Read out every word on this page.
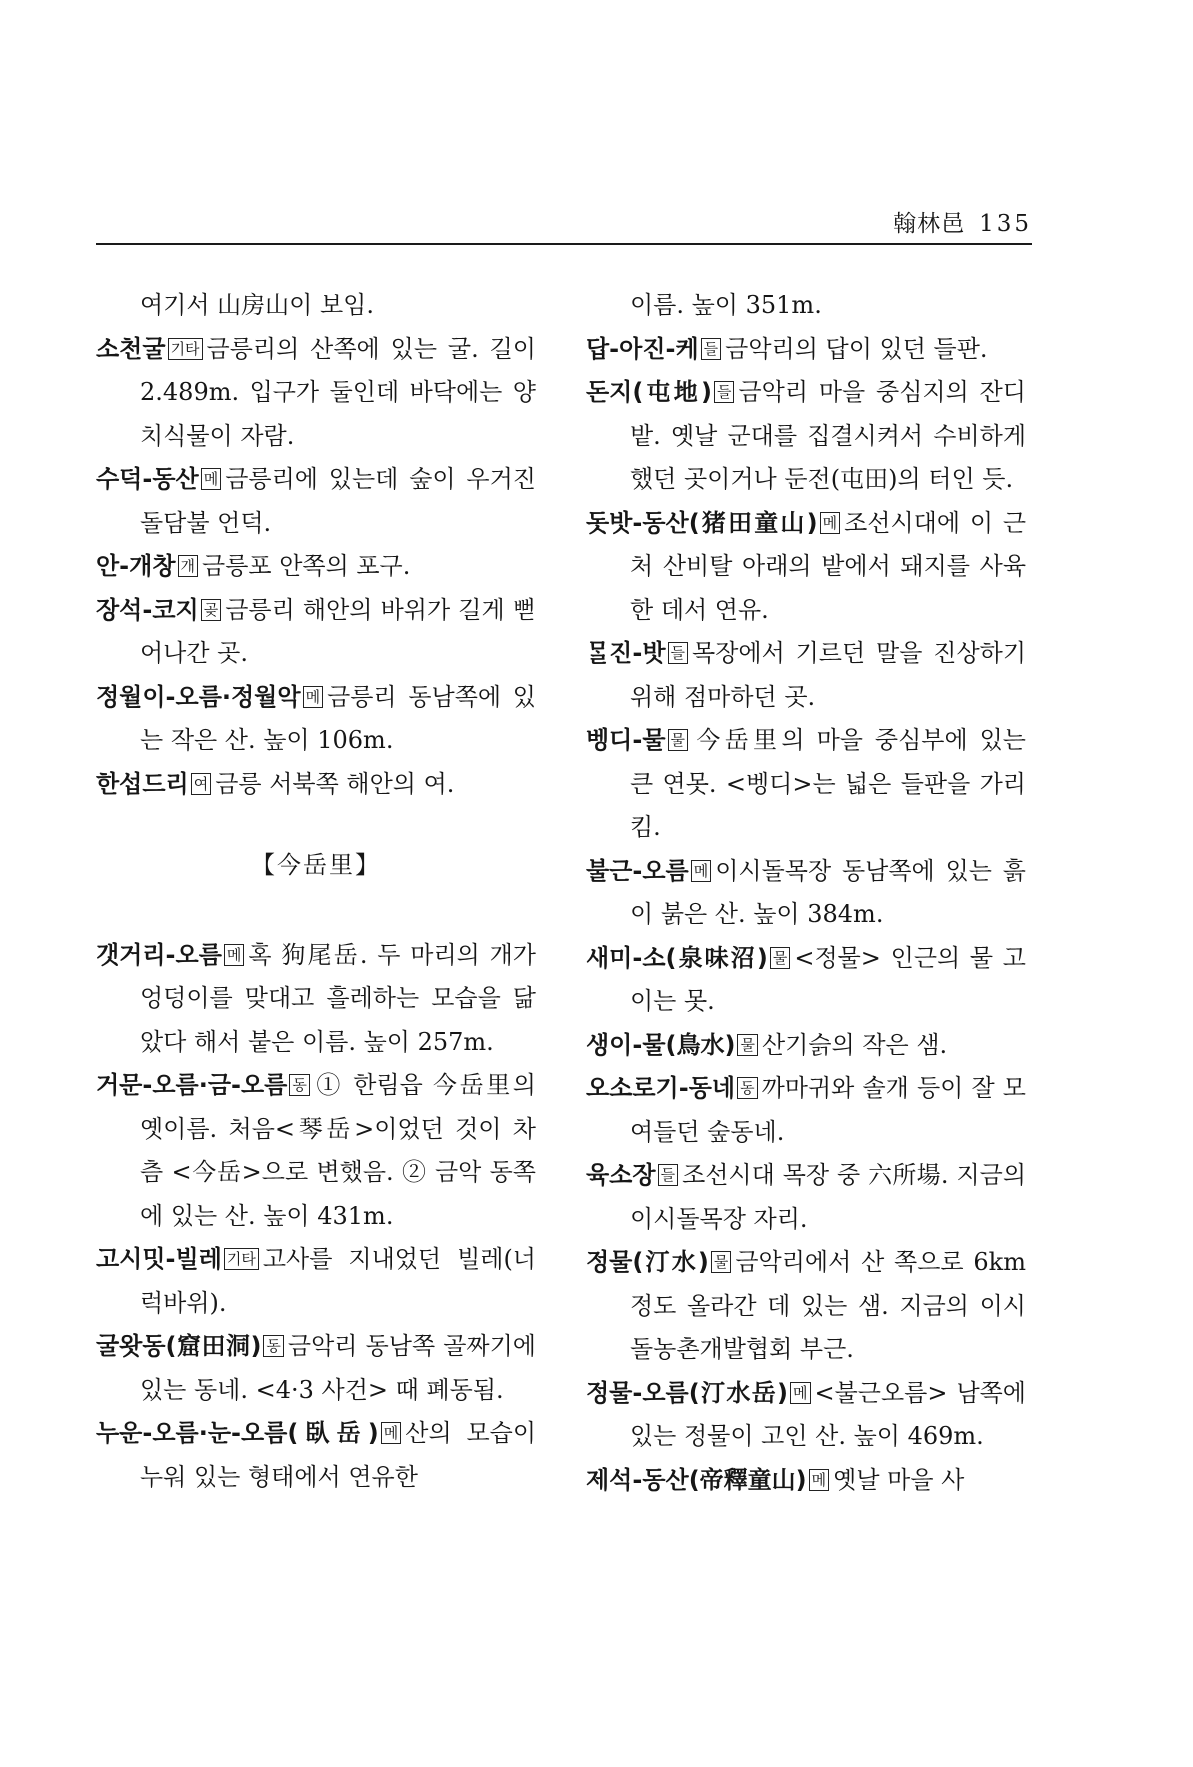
翰林邑 135

여기서 山房山이 보임.

소천굴 기타 금릉리의 산쪽에 있는 굴. 길이 2.489m. 입구가 둘인데 바닥에는 양치식물이 자람.

수덕-동산 메 금릉리에 있는데 숲이 우거진 돌담불 언덕.

안-개창 개 금릉포 안쪽의 포구.

장석-코지 곶 금릉리 해안의 바위가 길게 뻗어나간 곳.

정월이-오름·정월악 메 금릉리 동남쪽에 있는 작은 산. 높이 106m.

한섭드리 여 금릉 서북쪽 해안의 여.

【今岳里】

갯거리-오름 메 혹 狗尾岳. 두 마리의 개가 엉덩이를 맞대고 흘레하는 모습을 닮았다 해서 붙은 이름. 높이 257m.

거문-오름·금-오름 동 ① 한림읍 今岳里의 옛이름. 처음<琴岳>이었던 것이 차츰 <今岳>으로 변했음. ② 금악 동쪽에 있는 산. 높이 431m.

고시밋-빌레 기타 고사를 지내었던 빌레(너럭바위).

굴왓동(窟田洞) 동 금악리 동남쪽 골짜기에 있는 동네. <4·3 사건> 때 폐동됨.

누운-오름·눈-오름(臥岳) 메 산의 모습이 누워 있는 형태에서 연유한

이름. 높이 351m.

답-아진-케 들 금악리의 답이 있던 들판.

돈지(屯地) 들 금악리 마을 중심지의 잔디밭. 옛날 군대를 집결시켜서 수비하게 했던 곳이거나 둔전(屯田)의 터인 듯.

돗밧-동산(猪田童山) 메 조선시대에 이 근처 산비탈 아래의 밭에서 돼지를 사육한 데서 연유.

ᄆᆞᆯ진-밧 들 목장에서 기르던 말을 진상하기 위해 점마하던 곳.

벵디-물 물 今岳里의 마을 중심부에 있는 큰 연못. <벵디>는 넓은 들판을 가리킴.

불근-오름 메 이시돌목장 동남쪽에 있는 흙이 붉은 산. 높이 384m.

새미-소(泉味沼) 물 <정물> 인근의 물 고이는 못.

생이-물(鳥水) 물 산기슭의 작은 샘.

오소로기-동네 동 까마귀와 솔개 등이 잘 모여들던 숲동네.

육소장 들 조선시대 목장 중 六所場. 지금의 이시돌목장 자리.

정물(汀水) 물 금악리에서 산 쪽으로 6km 정도 올라간 데 있는 샘. 지금의 이시돌농촌개발협회 부근.

정물-오름(汀水岳) 메 <불근오름> 남쪽에 있는 정물이 고인 산. 높이 469m.

제석-동산(帝釋童山) 메 옛날 마을 사
